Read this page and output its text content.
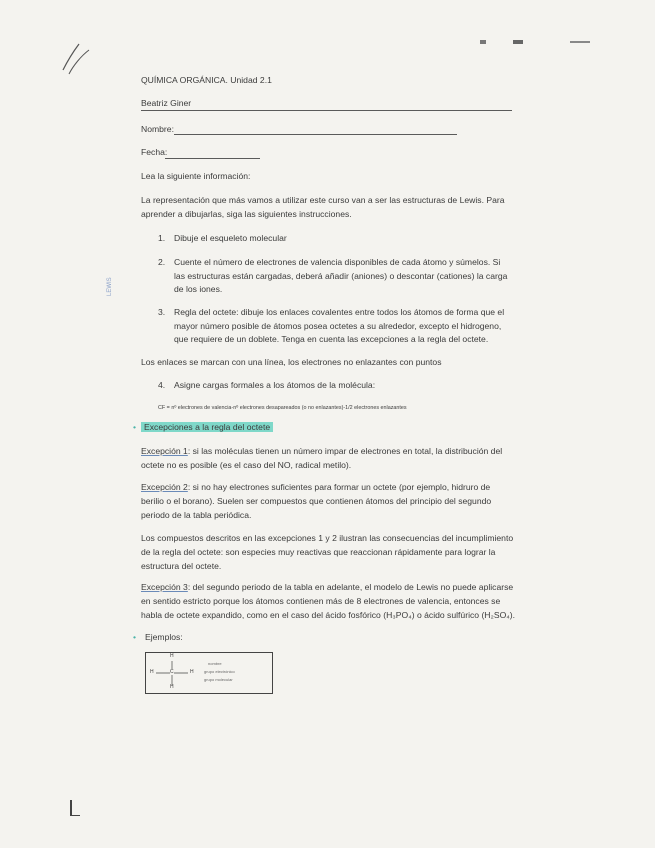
QUÍMICA ORGÁNICA. Unidad 2.1
Beatriz Giner
Nombre:
Fecha:
Lea la siguiente información:
La representación que más vamos a utilizar este curso van a ser las estructuras de Lewis. Para
aprender a dibujarlas, siga las siguientes instrucciones.
1. Dibuje el esqueleto molecular
2. Cuente el número de electrones de valencia disponibles de cada átomo y súmelos. Si
las estructuras están cargadas, deberá añadir (aniones) o descontar (cationes) la carga
de los iones.
LEWIS
3. Regla del octete: dibuje los enlaces covalentes entre todos los átomos de forma que el
mayor número posible de átomos posea octetes a su alrededor, excepto el hidrogeno,
que requiere de un doblete. Tenga en cuenta las excepciones a la regla del octete.
Los enlaces se marcan con una línea, los electrones no enlazantes con puntos
4. Asigne cargas formales a los átomos de la molécula:
CF = nº electrones de valencia-nº electrones desapareados (o no enlazantes)-1/2 electrones enlazantes
• Excepciones a la regla del octete
Excepción 1: si las moléculas tienen un número impar de electrones en total, la distribución del
octete no es posible (es el caso del NO, radical metilo).
Excepción 2: si no hay electrones suficientes para formar un octete (por ejemplo, hidruro de
berilio o el borano). Suelen ser compuestos que contienen átomos del principio del segundo
periodo de la tabla periódica.
Los compuestos descritos en las excepciones 1 y 2 ilustran las consecuencias del incumplimiento
de la regla del octete: son especies muy reactivas que reaccionan rápidamente para lograr la
estructura del octete.
Excepción 3: del segundo periodo de la tabla en adelante, el modelo de Lewis no puede aplicarse
en sentido estricto porque los átomos contienen más de 8 electrones de valencia, entonces se
habla de octete expandido, como en el caso del ácido fosfórico (H₃PO₄) o ácido sulfúrico (H₂SO₄).
• Ejemplos:
H
H	C	H
H
nombre
grupo electrónico
grupo molecular
